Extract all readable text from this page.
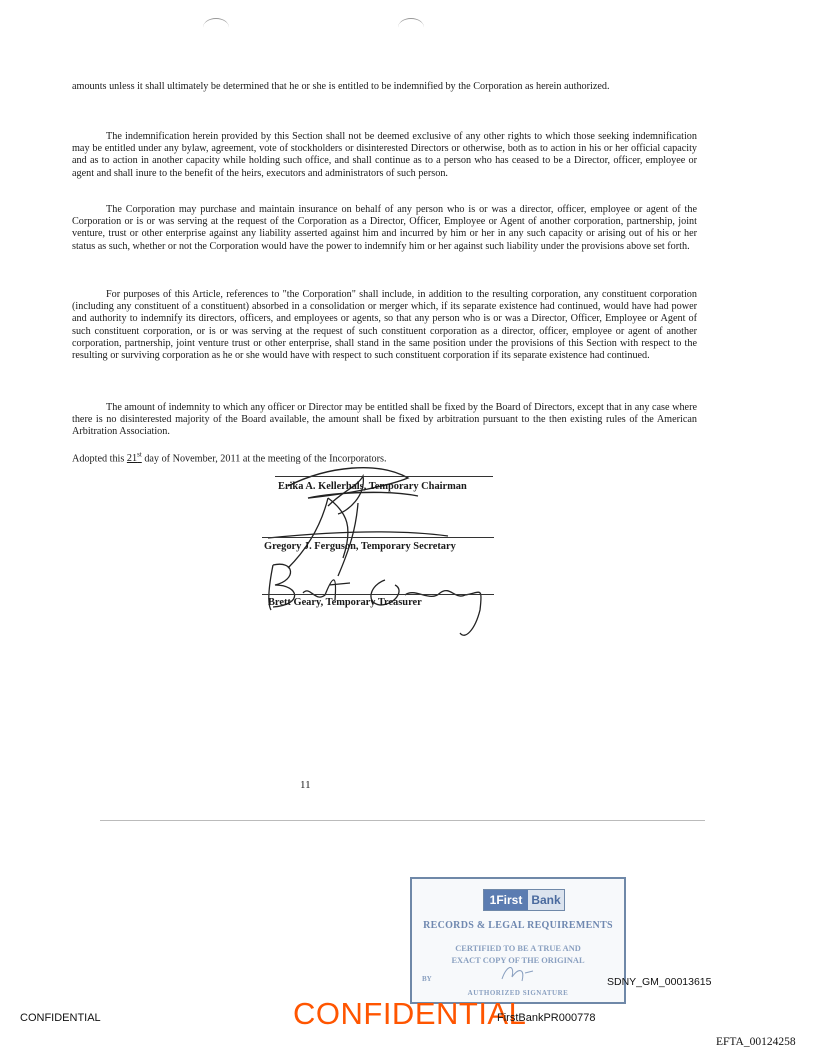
amounts unless it shall ultimately be determined that he or she is entitled to be indemnified by the Corporation as herein authorized.

The indemnification herein provided by this Section shall not be deemed exclusive of any other rights to which those seeking indemnification may be entitled under any bylaw, agreement, vote of stockholders or disinterested Directors or otherwise, both as to action in his or her official capacity and as to action in another capacity while holding such office, and shall continue as to a person who has ceased to be a Director, officer, employee or agent and shall inure to the benefit of the heirs, executors and administrators of such person.

The Corporation may purchase and maintain insurance on behalf of any person who is or was a director, officer, employee or agent of the Corporation or is or was serving at the request of the Corporation as a Director, Officer, Employee or Agent of another corporation, partnership, joint venture, trust or other enterprise against any liability asserted against him and incurred by him or her in any such capacity or arising out of his or her status as such, whether or not the Corporation would have the power to indemnify him or her against such liability under the provisions above set forth.

For purposes of this Article, references to "the Corporation" shall include, in addition to the resulting corporation, any constituent corporation (including any constituent of a constituent) absorbed in a consolidation or merger which, if its separate existence had continued, would have had power and authority to indemnify its directors, officers, and employees or agents, so that any person who is or was a Director, Officer, Employee or Agent of such constituent corporation, or is or was serving at the request of such constituent corporation as a director, officer, employee or agent of another corporation, partnership, joint venture trust or other enterprise, shall stand in the same position under the provisions of this Section with respect to the resulting or surviving corporation as he or she would have with respect to such constituent corporation if its separate existence had continued.

The amount of indemnity to which any officer or Director may be entitled shall be fixed by the Board of Directors, except that in any case where there is no disinterested majority of the Board available, the amount shall be fixed by arbitration pursuant to the then existing rules of the American Arbitration Association.

Adopted this 21st day of November, 2011 at the meeting of the Incorporators.

Erika A. Kellerhals, Temporary Chairman
Gregory J. Ferguson, Temporary Secretary
Brett Geary, Temporary Treasurer
11
1First Bank
RECORDS & LEGAL REQUIREMENTS
CERTIFIED TO BE A TRUE AND
EXACT COPY OF THE ORIGINAL
BY
AUTHORIZED SIGNATURE
SDNY_GM_00013615
CONFIDENTIAL
CONFIDENTIAL	FirstBankPR000778
EFTA_00124258
